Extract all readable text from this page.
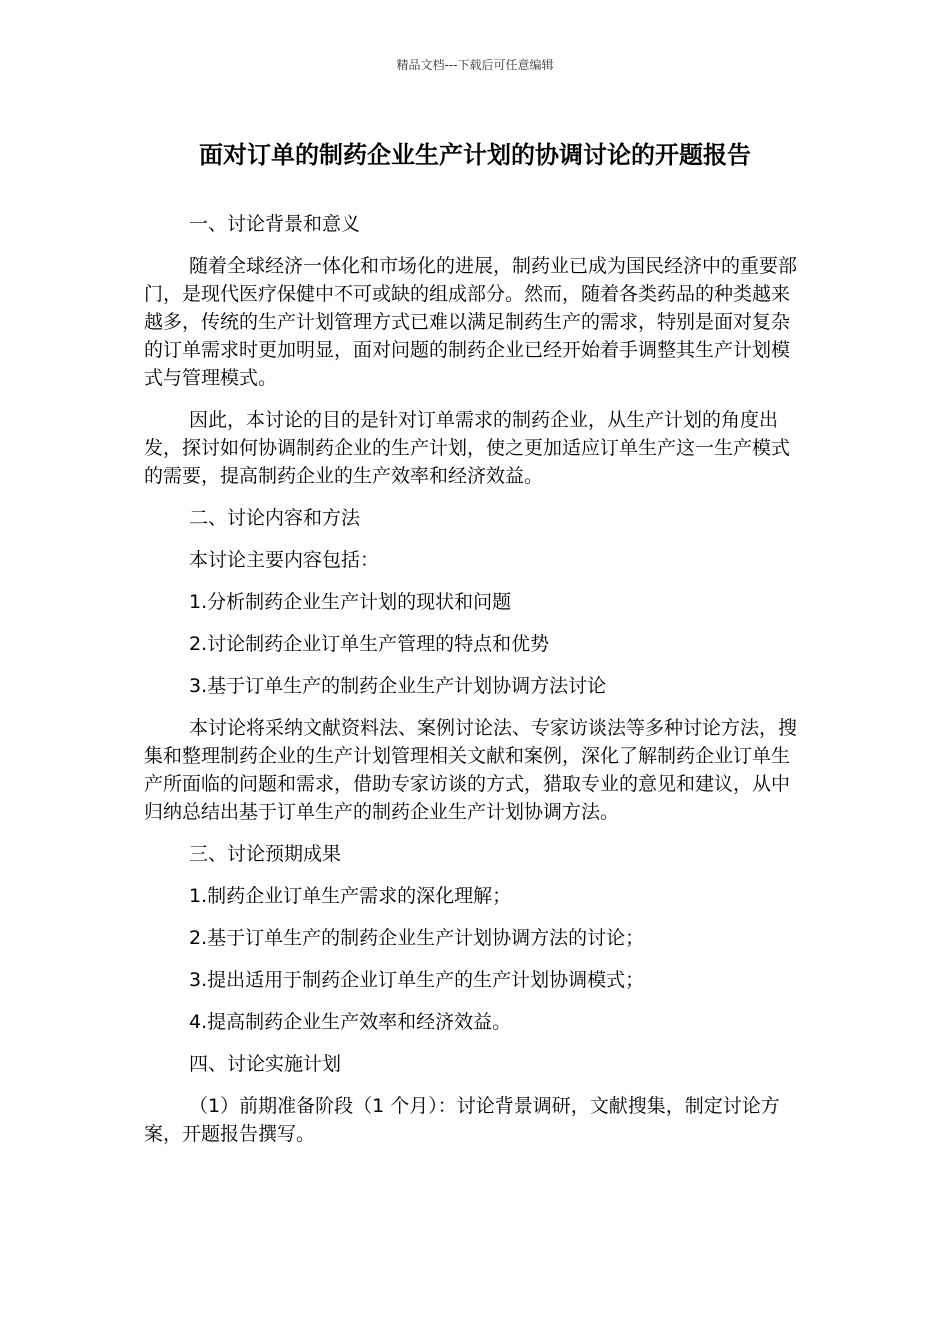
精品文档---下载后可任意编辑
面对订单的制药企业生产计划的协调讨论的开题报告

一、讨论背景和意义

随着全球经济一体化和市场化的进展，制药业已成为国民经济中的重要部门，是现代医疗保健中不可或缺的组成部分。然而，随着各类药品的种类越来越多，传统的生产计划管理方式已难以满足制药生产的需求，特别是面对复杂的订单需求时更加明显，面对问题的制药企业已经开始着手调整其生产计划模式与管理模式。

因此，本讨论的目的是针对订单需求的制药企业，从生产计划的角度出发，探讨如何协调制药企业的生产计划，使之更加适应订单生产这一生产模式的需要，提高制药企业的生产效率和经济效益。

二、讨论内容和方法

本讨论主要内容包括：

1.分析制药企业生产计划的现状和问题

2.讨论制药企业订单生产管理的特点和优势

3.基于订单生产的制药企业生产计划协调方法讨论

本讨论将采纳文献资料法、案例讨论法、专家访谈法等多种讨论方法，搜集和整理制药企业的生产计划管理相关文献和案例，深化了解制药企业订单生产所面临的问题和需求，借助专家访谈的方式，猎取专业的意见和建议，从中归纳总结出基于订单生产的制药企业生产计划协调方法。

三、讨论预期成果

1.制药企业订单生产需求的深化理解；

2.基于订单生产的制药企业生产计划协调方法的讨论；

3.提出适用于制药企业订单生产的生产计划协调模式；

4.提高制药企业生产效率和经济效益。

四、讨论实施计划

（1）前期准备阶段（1 个月）：讨论背景调研，文献搜集，制定讨论方案，开题报告撰写。
